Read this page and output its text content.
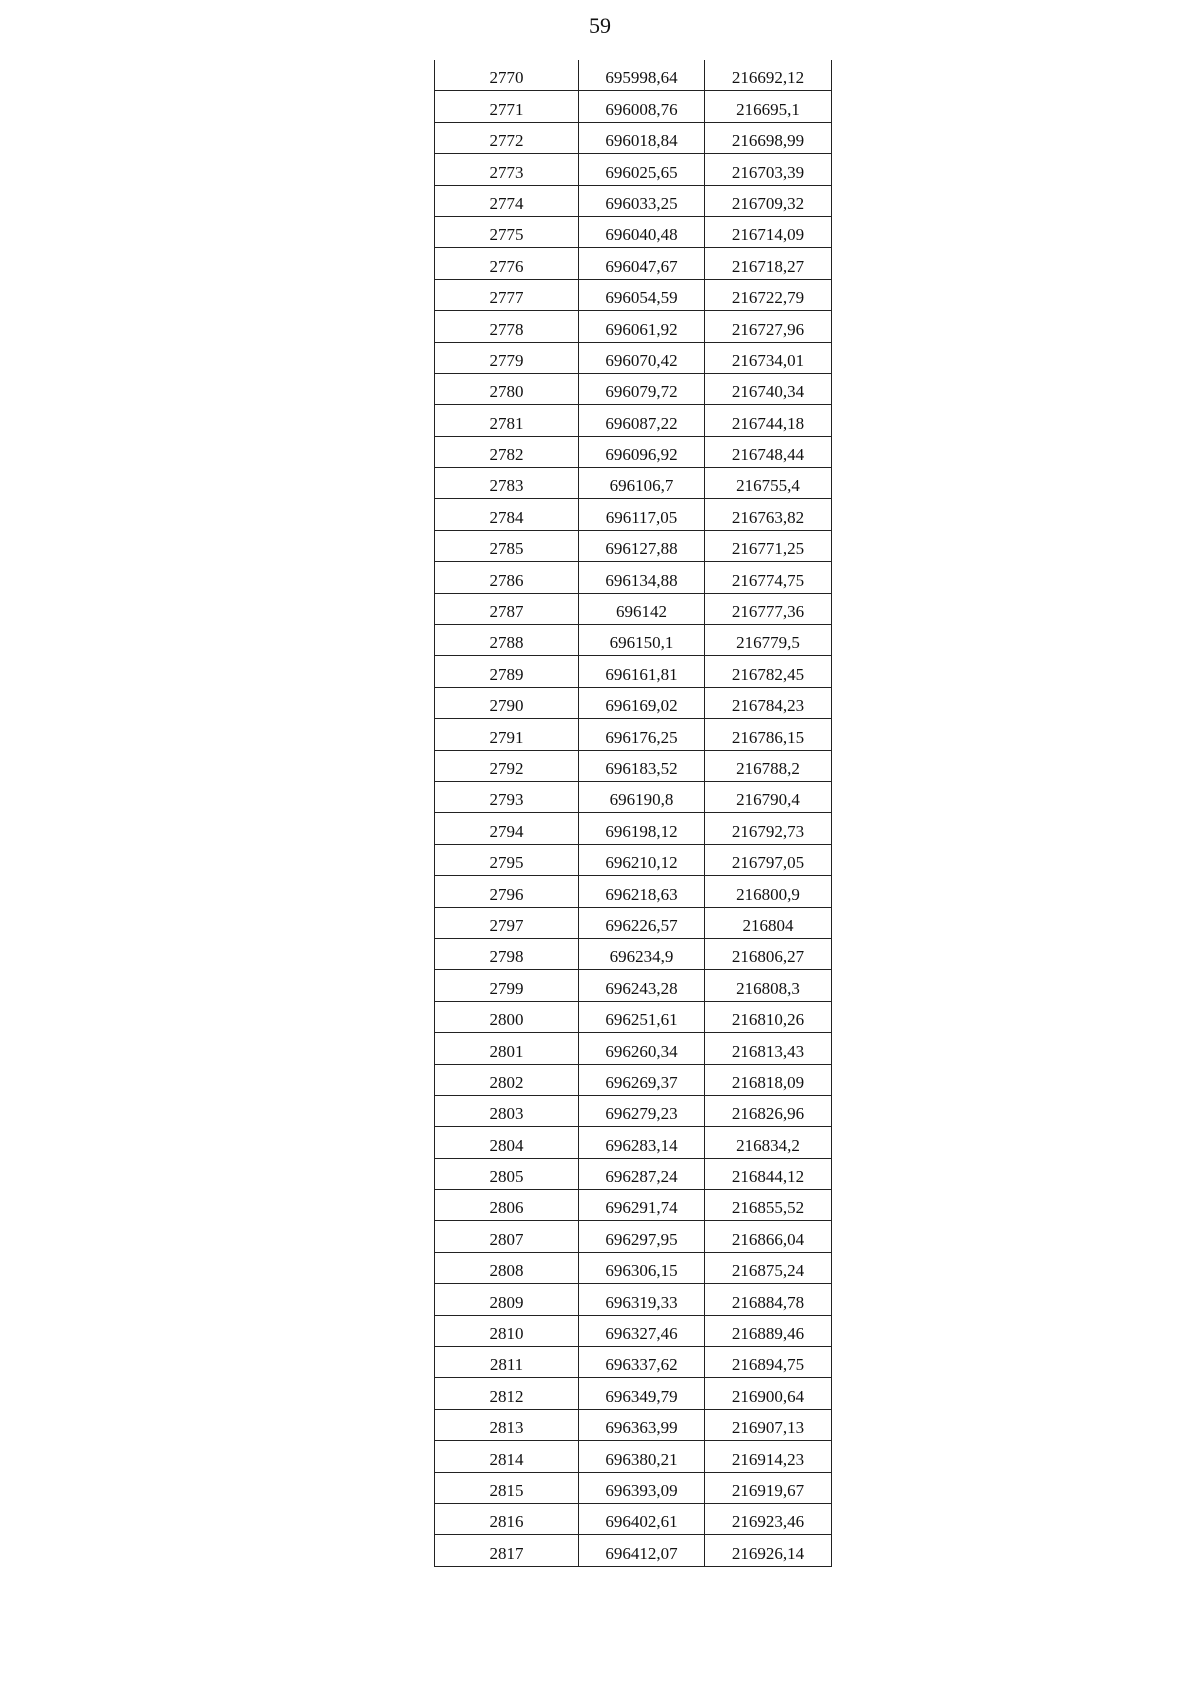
59
2770	695998,64	216692,12
2771	696008,76	216695,1
2772	696018,84	216698,99
2773	696025,65	216703,39
2774	696033,25	216709,32
2775	696040,48	216714,09
2776	696047,67	216718,27
2777	696054,59	216722,79
2778	696061,92	216727,96
2779	696070,42	216734,01
2780	696079,72	216740,34
2781	696087,22	216744,18
2782	696096,92	216748,44
2783	696106,7	216755,4
2784	696117,05	216763,82
2785	696127,88	216771,25
2786	696134,88	216774,75
2787	696142	216777,36
2788	696150,1	216779,5
2789	696161,81	216782,45
2790	696169,02	216784,23
2791	696176,25	216786,15
2792	696183,52	216788,2
2793	696190,8	216790,4
2794	696198,12	216792,73
2795	696210,12	216797,05
2796	696218,63	216800,9
2797	696226,57	216804
2798	696234,9	216806,27
2799	696243,28	216808,3
2800	696251,61	216810,26
2801	696260,34	216813,43
2802	696269,37	216818,09
2803	696279,23	216826,96
2804	696283,14	216834,2
2805	696287,24	216844,12
2806	696291,74	216855,52
2807	696297,95	216866,04
2808	696306,15	216875,24
2809	696319,33	216884,78
2810	696327,46	216889,46
2811	696337,62	216894,75
2812	696349,79	216900,64
2813	696363,99	216907,13
2814	696380,21	216914,23
2815	696393,09	216919,67
2816	696402,61	216923,46
2817	696412,07	216926,14
